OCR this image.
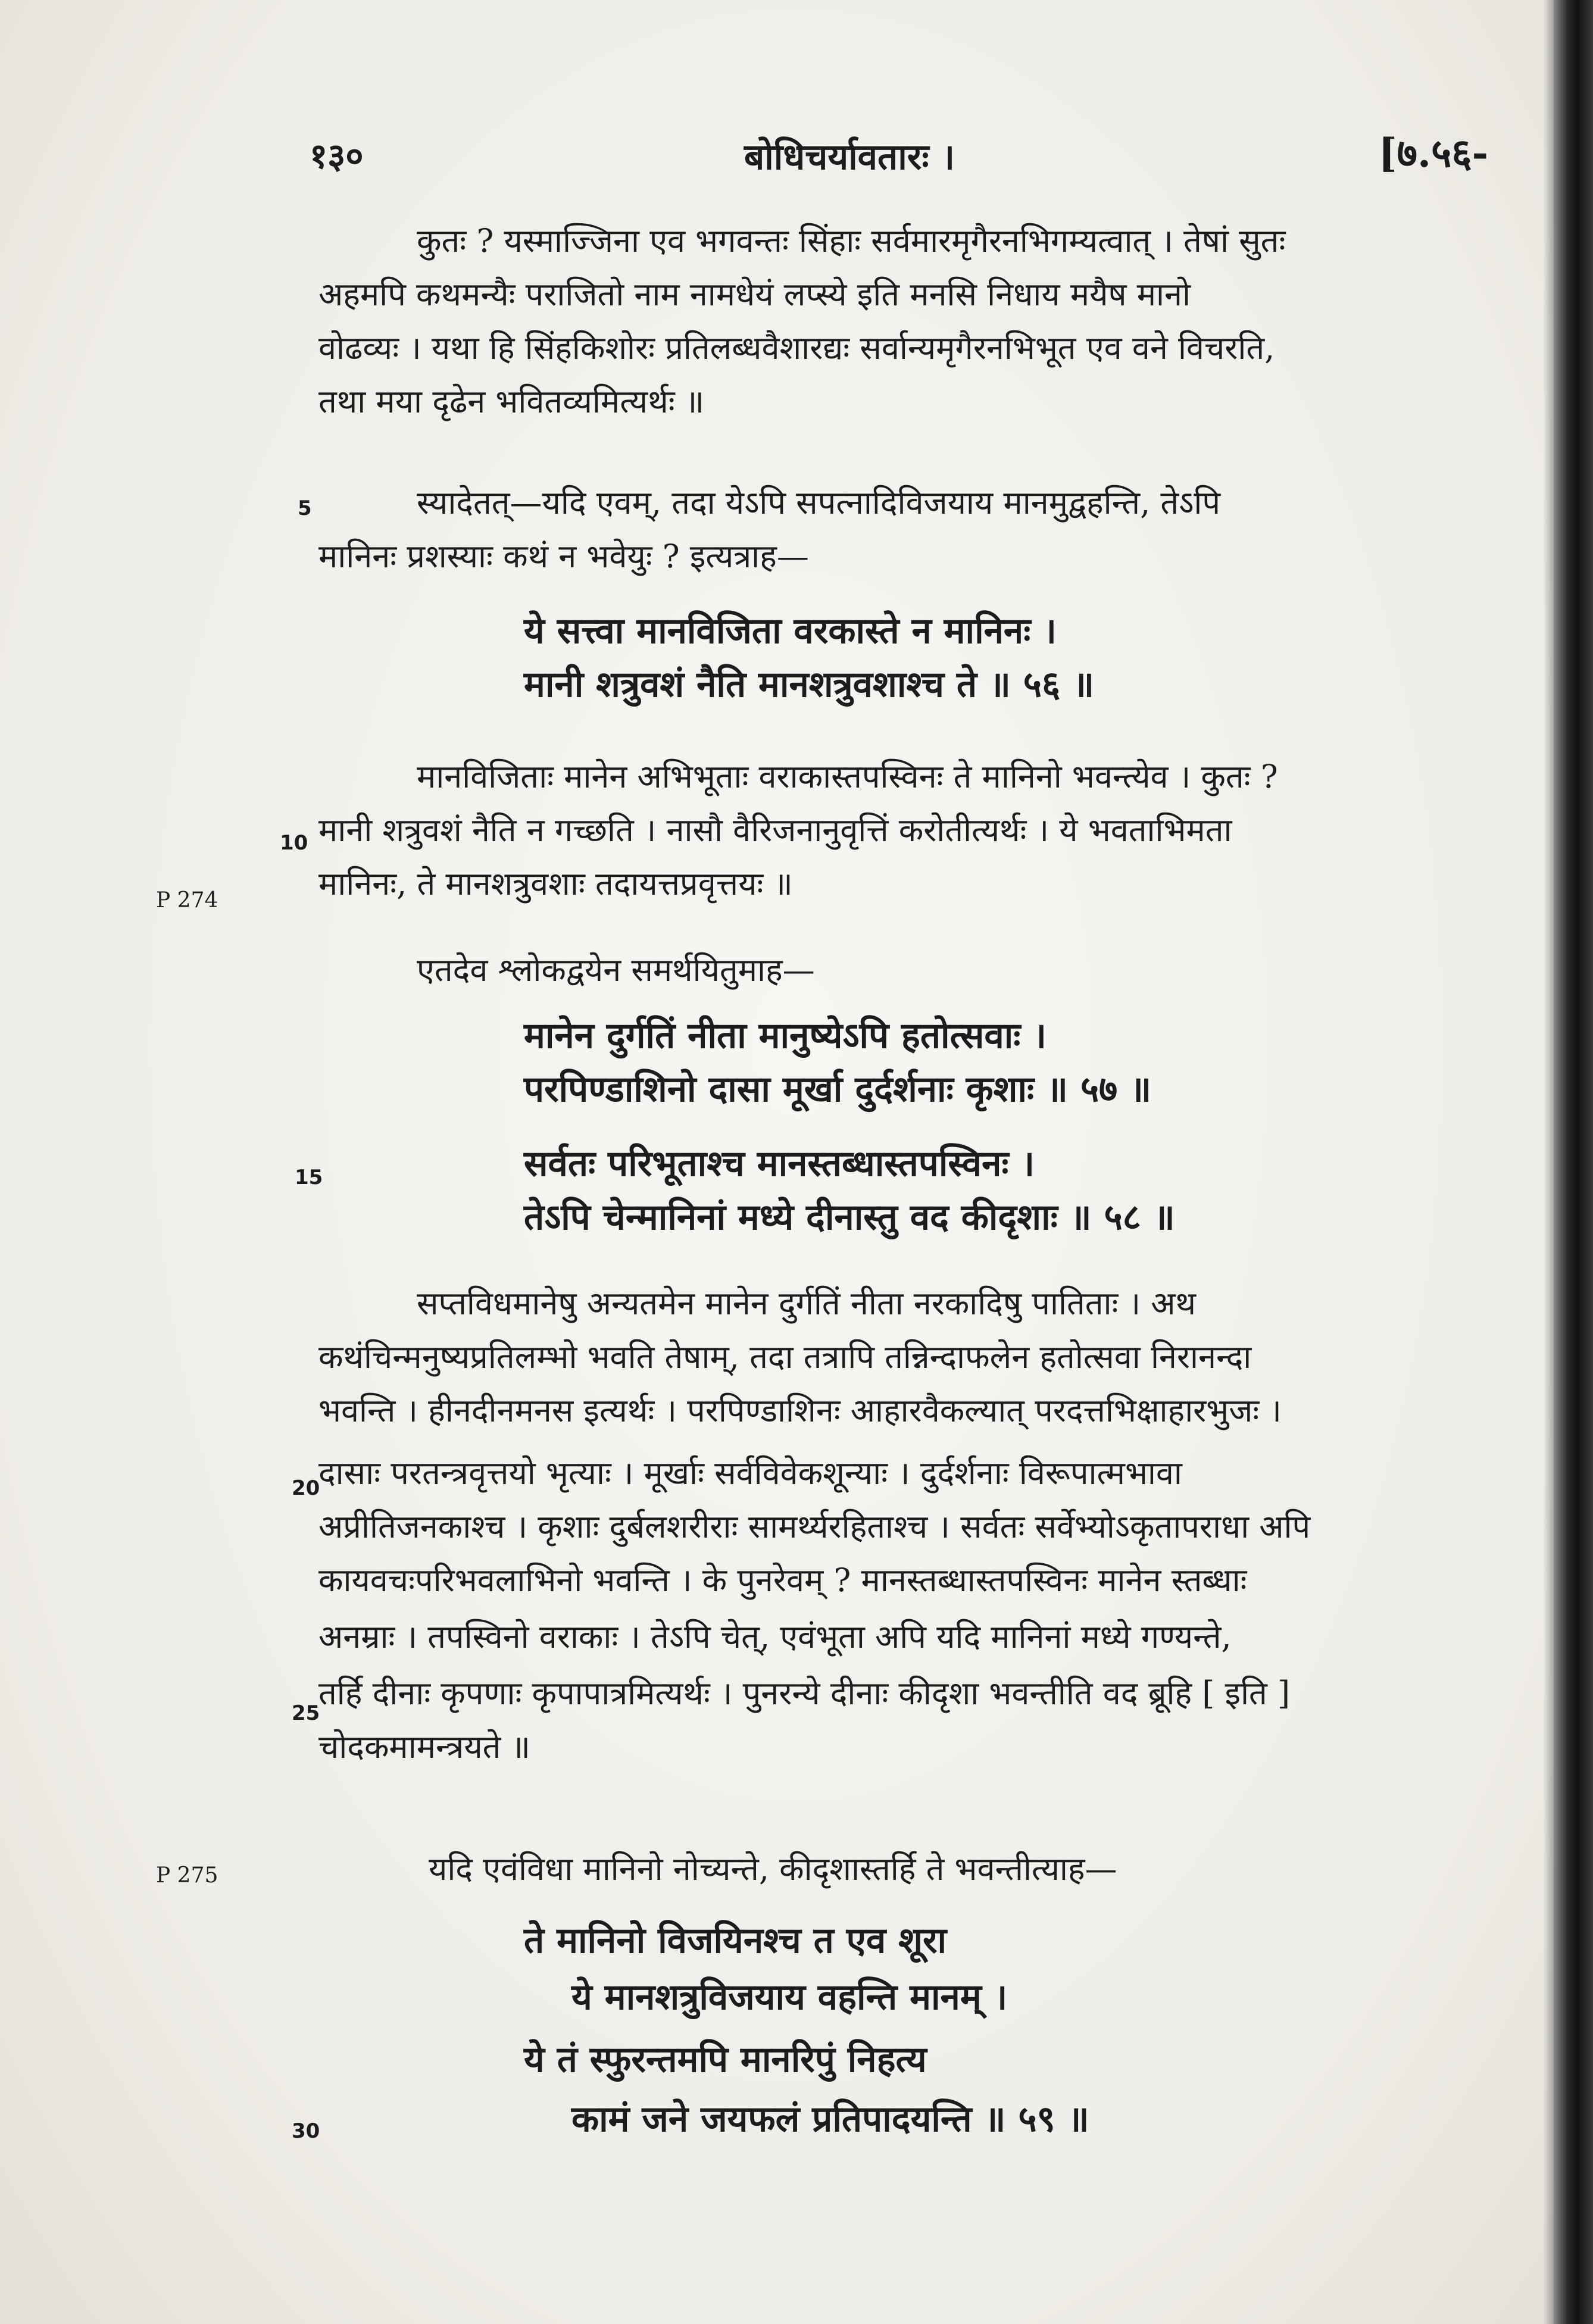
१३०	बोधिचर्यावतारः ।	[७.५६-
P 274
P 275
5
10
15
20
25
30
कुतः ? यस्माज्जिना एव भगवन्तः सिंहाः सर्वमारमृगैरनभिगम्यत्वात् । तेषां सुतः
अहमपि कथमन्यैः पराजितो नाम नामधेयं लप्स्ये इति मनसि निधाय मयैष मानो
वोढव्यः । यथा हि सिंहकिशोरः प्रतिलब्धवैशारद्यः सर्वान्यमृगैरनभिभूत एव वने विचरति,
तथा मया दृढेन भवितव्यमित्यर्थः ॥
स्यादेतत्—यदि एवम्, तदा येऽपि सपत्नादिविजयाय मानमुद्वहन्ति, तेऽपि
मानिनः प्रशस्याः कथं न भवेयुः ? इत्यत्राह—
ये सत्त्वा मानविजिता वरकास्ते न मानिनः ।
मानी शत्रुवशं नैति मानशत्रुवशाश्च ते ॥ ५६ ॥
मानविजिताः मानेन अभिभूताः वराकास्तपस्विनः ते मानिनो भवन्त्येव । कुतः ?
मानी शत्रुवशं नैति न गच्छति । नासौ वैरिजनानुवृत्तिं करोतीत्यर्थः । ये भवताभिमता
मानिनः, ते मानशत्रुवशाः तदायत्तप्रवृत्तयः ॥
एतदेव श्लोकद्वयेन समर्थयितुमाह—
मानेन दुर्गतिं नीता मानुष्येऽपि हतोत्सवाः ।
परपिण्डाशिनो दासा मूर्खा दुर्दर्शनाः कृशाः ॥ ५७ ॥
सर्वतः परिभूताश्च मानस्तब्धास्तपस्विनः ।
तेऽपि चेन्मानिनां मध्ये दीनास्तु वद कीदृशाः ॥ ५८ ॥
सप्तविधमानेषु अन्यतमेन मानेन दुर्गतिं नीता नरकादिषु पातिताः । अथ
कथंचिन्मनुष्यप्रतिलम्भो भवति तेषाम्, तदा तत्रापि तन्निन्दाफलेन हतोत्सवा निरानन्दा
भवन्ति । हीनदीनमनस इत्यर्थः । परपिण्डाशिनः आहारवैकल्यात् परदत्तभिक्षाहारभुजः ।
दासाः परतन्त्रवृत्तयो भृत्याः । मूर्खाः सर्वविवेकशून्याः । दुर्दर्शनाः विरूपात्मभावा
अप्रीतिजनकाश्च । कृशाः दुर्बलशरीराः सामर्थ्यरहिताश्च । सर्वतः सर्वेभ्योऽकृतापराधा अपि
कायवचःपरिभवलाभिनो भवन्ति । के पुनरेवम् ? मानस्तब्धास्तपस्विनः मानेन स्तब्धाः
अनम्राः । तपस्विनो वराकाः । तेऽपि चेत्, एवंभूता अपि यदि मानिनां मध्ये गण्यन्ते,
तर्हि दीनाः कृपणाः कृपापात्रमित्यर्थः । पुनरन्ये दीनाः कीदृशा भवन्तीति वद ब्रूहि [ इति ]
चोदकमामन्त्रयते ॥
यदि एवंविधा मानिनो नोच्यन्ते, कीदृशास्तर्हि ते भवन्तीत्याह—
ते मानिनो विजयिनश्च त एव शूरा
ये मानशत्रुविजयाय वहन्ति मानम् ।
ये तं स्फुरन्तमपि मानरिपुं निहत्य
कामं जने जयफलं प्रतिपादयन्ति ॥ ५९ ॥
